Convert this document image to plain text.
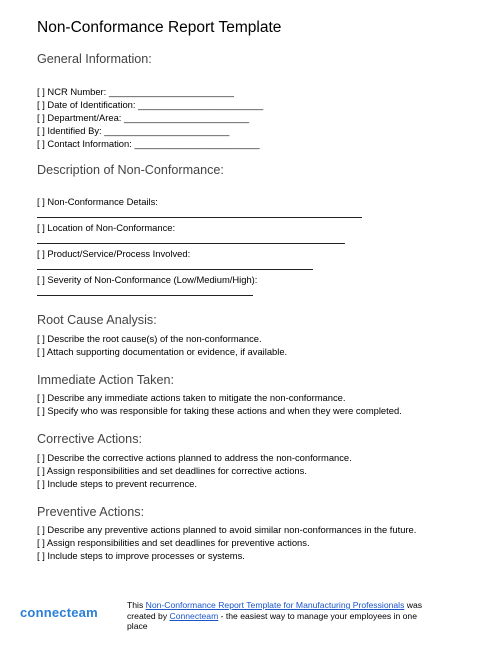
Non-Conformance Report Template
General Information:
[ ] NCR Number: ________________________
[ ] Date of Identification: ________________________
[ ] Department/Area: ________________________
[ ] Identified By: ________________________
[ ] Contact Information: ________________________
Description of Non-Conformance:
[ ] Non-Conformance Details:
[ ] Location of Non-Conformance:
[ ] Product/Service/Process Involved:
[ ] Severity of Non-Conformance (Low/Medium/High):
Root Cause Analysis:
[ ] Describe the root cause(s) of the non-conformance.
[ ] Attach supporting documentation or evidence, if available.
Immediate Action Taken:
[ ] Describe any immediate actions taken to mitigate the non-conformance.
[ ] Specify who was responsible for taking these actions and when they were completed.
Corrective Actions:
[ ] Describe the corrective actions planned to address the non-conformance.
[ ] Assign responsibilities and set deadlines for corrective actions.
[ ] Include steps to prevent recurrence.
Preventive Actions:
[ ] Describe any preventive actions planned to avoid similar non-conformances in the future.
[ ] Assign responsibilities and set deadlines for preventive actions.
[ ] Include steps to improve processes or systems.
connecteam	This Non-Conformance Report Template for Manufacturing Professionals was created by Connecteam - the easiest way to manage your employees in one place
